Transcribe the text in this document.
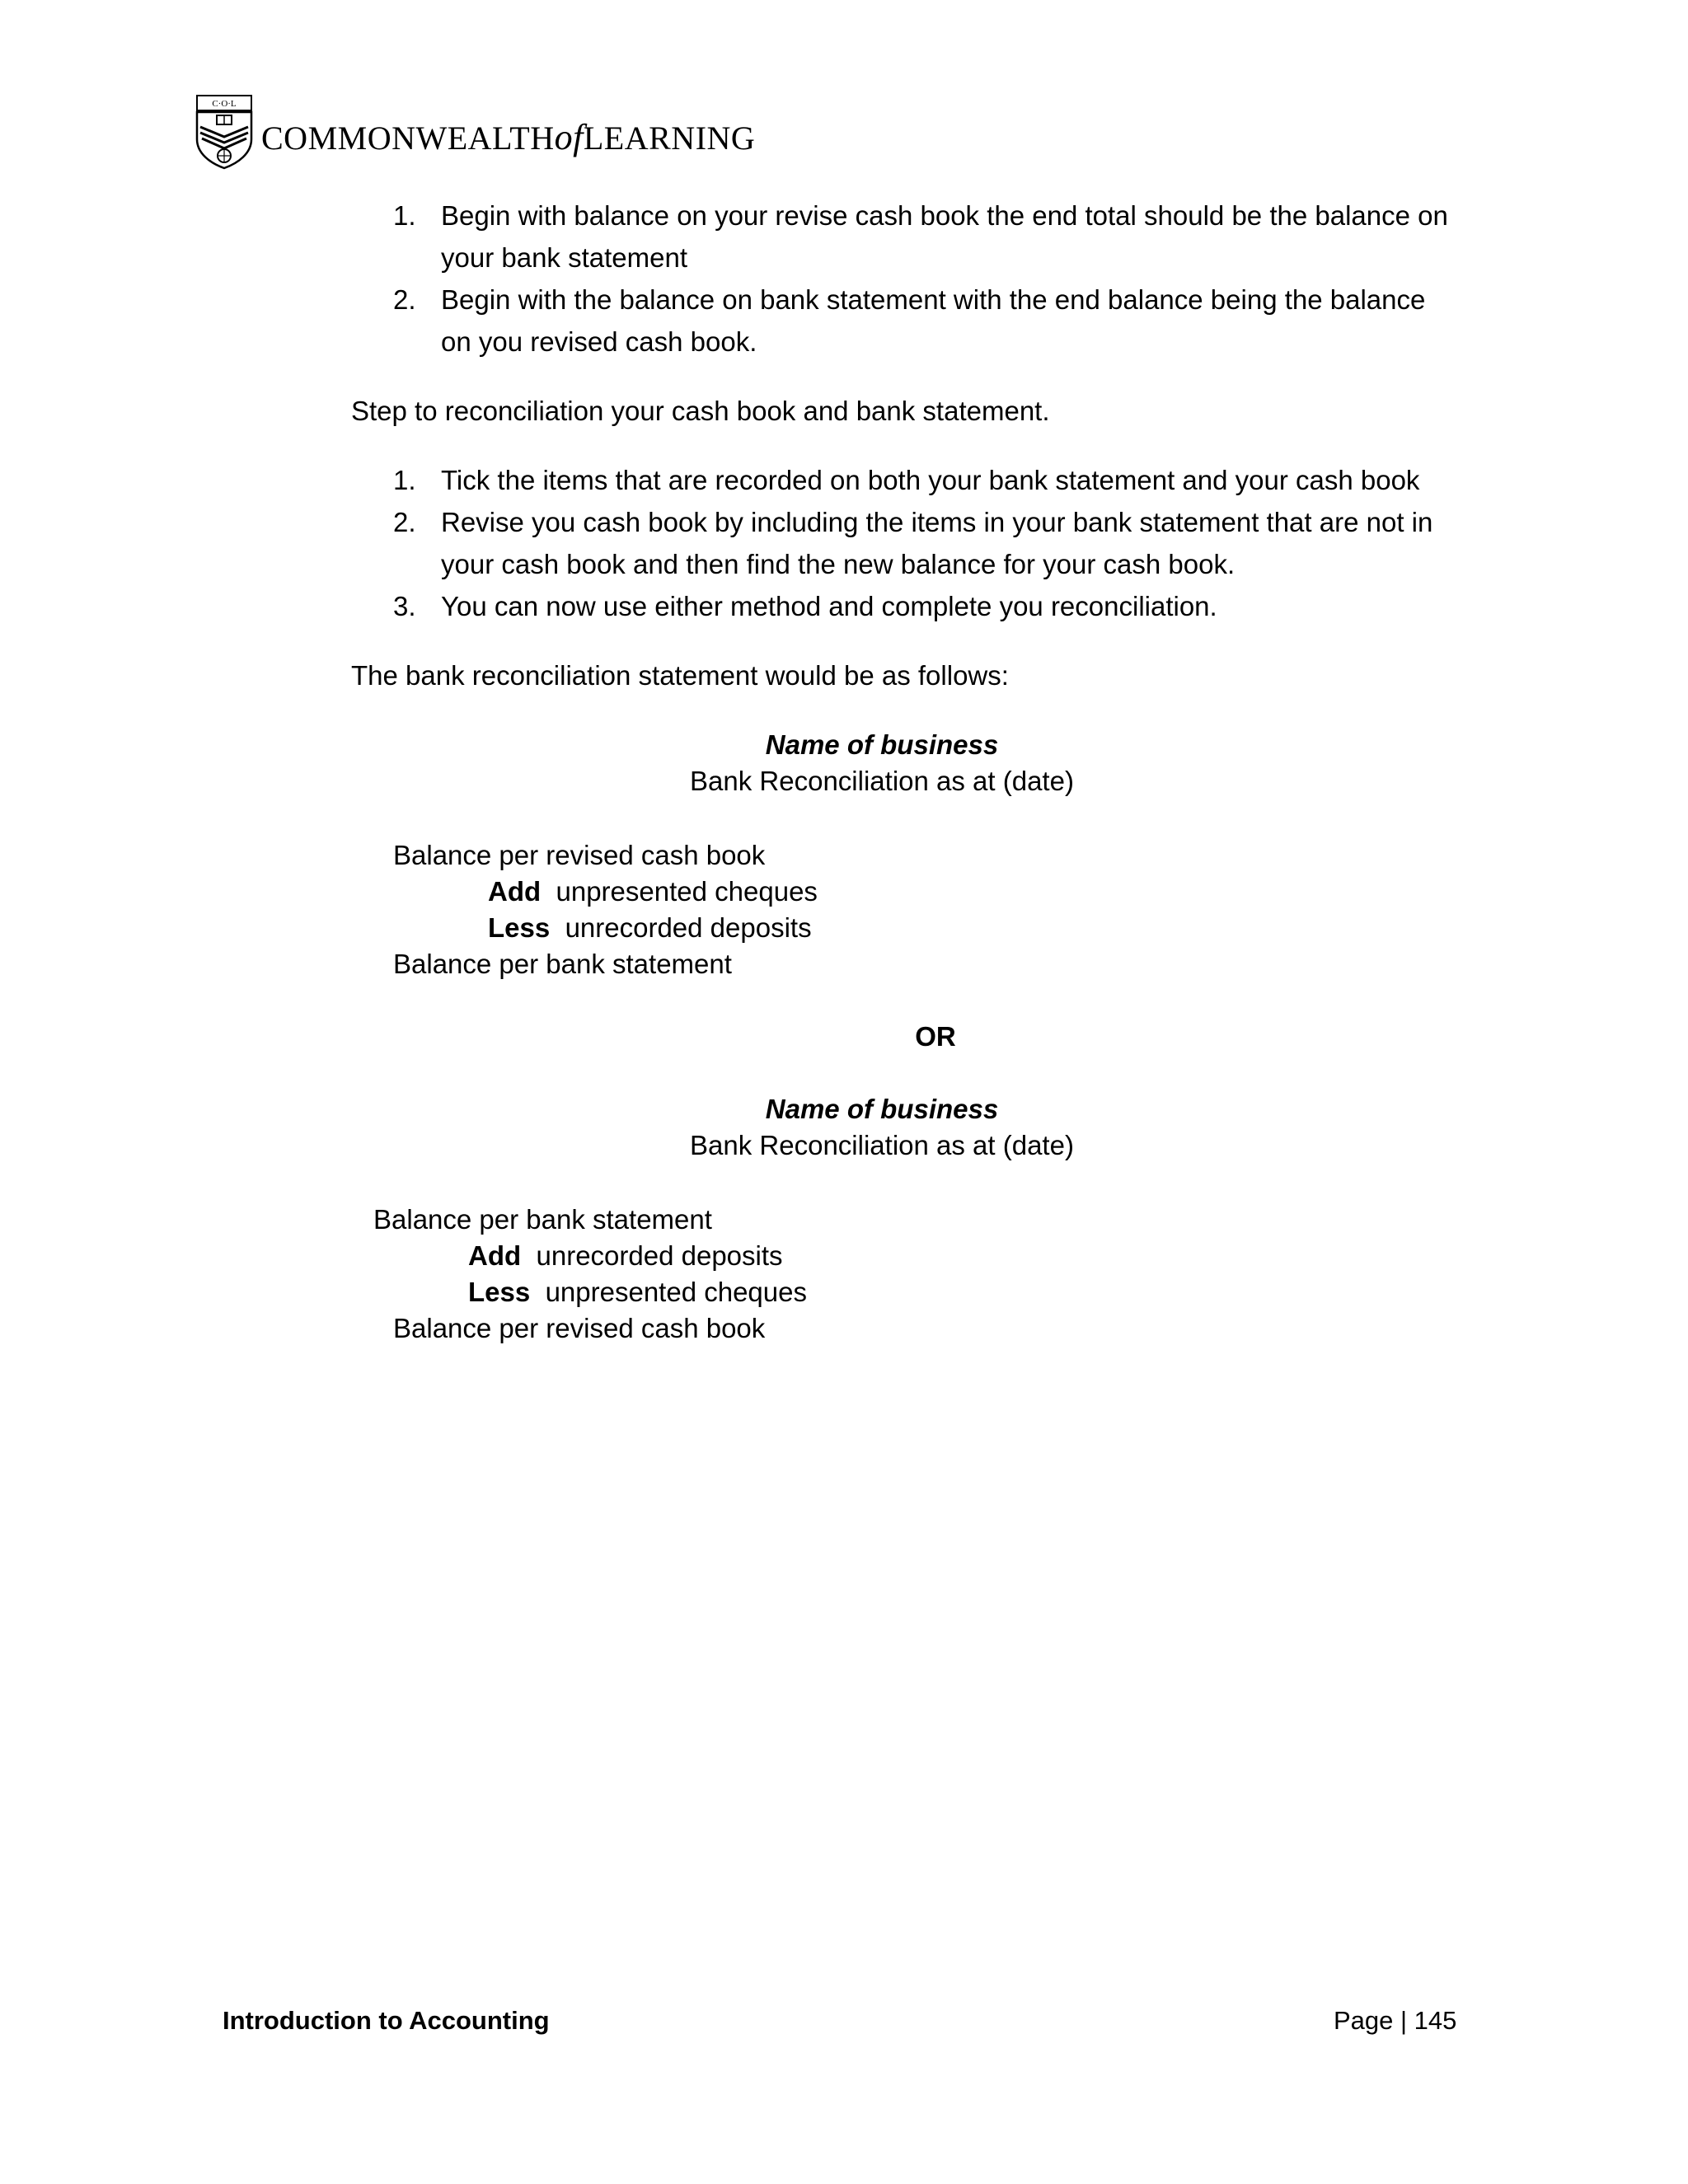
C·O·L
COMMONWEALTHofLEARNING
1. Begin with balance on your revise cash book the end total should be the balance on
your bank statement
2. Begin with the balance on bank statement with the end balance being the balance
on you revised cash book.
Step to reconciliation your cash book and bank statement.
1. Tick the items that are recorded on both your bank statement and your cash book
2. Revise you cash book by including the items in your bank statement that are not in
your cash book and then find the new balance for your cash book.
3. You can now use either method and complete you reconciliation.
The bank reconciliation statement would be as follows:
Name of business
Bank Reconciliation as at (date)
Balance per revised cash book
Add unpresented cheques
Less unrecorded deposits
Balance per bank statement
OR
Name of business
Bank Reconciliation as at (date)
Balance per bank statement
Add unrecorded deposits
Less unpresented cheques
Balance per revised cash book
Introduction to Accounting	Page | 145
